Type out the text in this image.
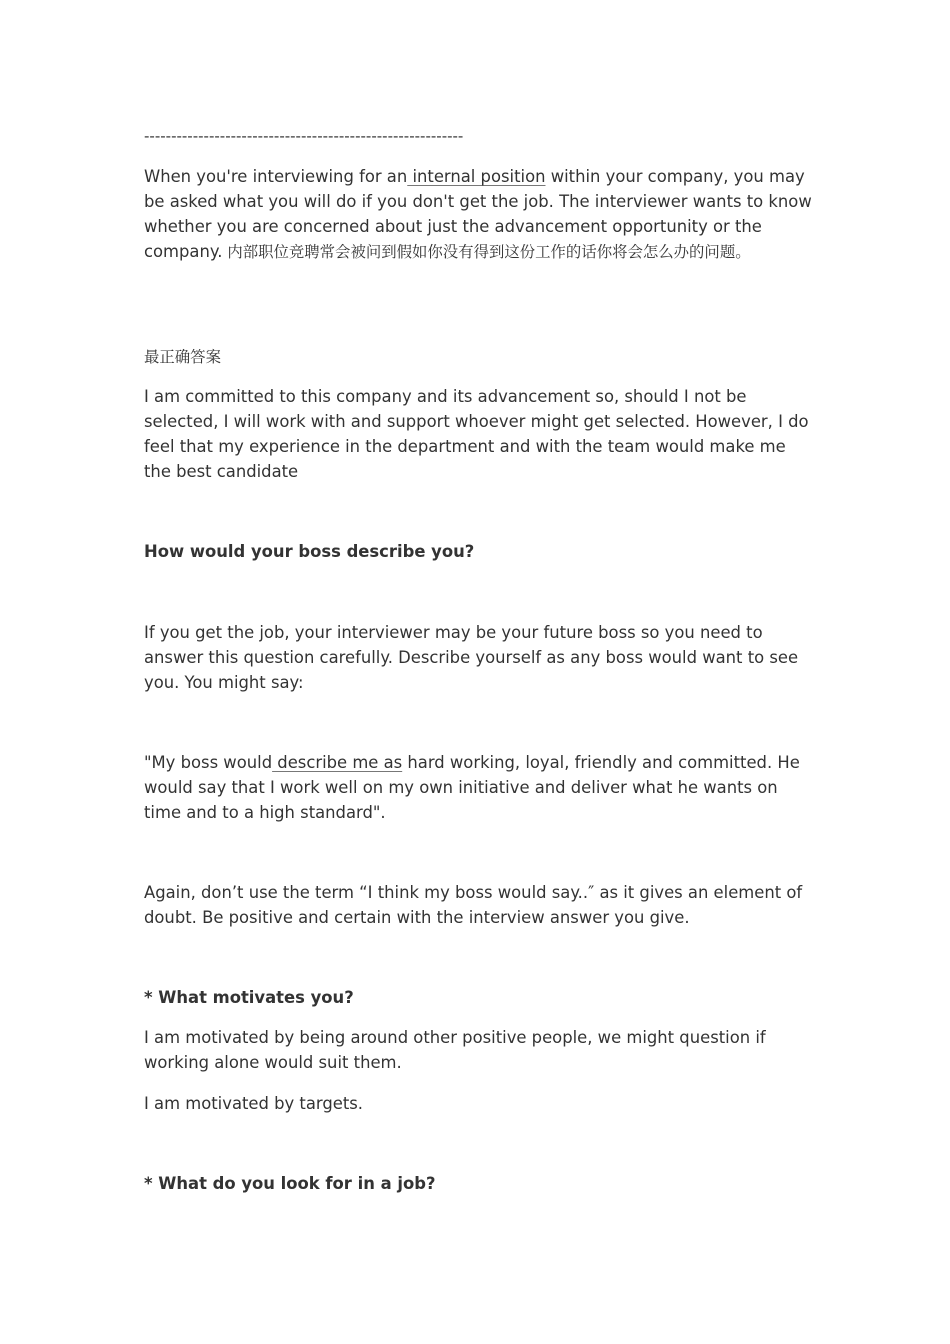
-----------------------------------------------------------

When you're interviewing for an internal position within your company, you may be asked what you will do if you don't get the job. The interviewer wants to know whether you are concerned about just the advancement opportunity or the company. 内部职位竞聘常会被问到假如你没有得到这份工作的话你将会怎么办的问题。

最正确答案

I am committed to this company and its advancement so, should I not be selected, I will work with and support whoever might get selected. However, I do feel that my experience in the department and with the team would make me the best candidate

How would your boss describe you?

If you get the job, your interviewer may be your future boss so you need to answer this question carefully. Describe yourself as any boss would want to see you. You might say:

"My boss would describe me as hard working, loyal, friendly and committed. He would say that I work well on my own initiative and deliver what he wants on time and to a high standard".

Again, don’t use the term “I think my boss would say..″ as it gives an element of doubt. Be positive and certain with the interview answer you give.

* What motivates you?

I am motivated by being around other positive people, we might question if working alone would suit them.

I am motivated by targets.

* What do you look for in a job?
